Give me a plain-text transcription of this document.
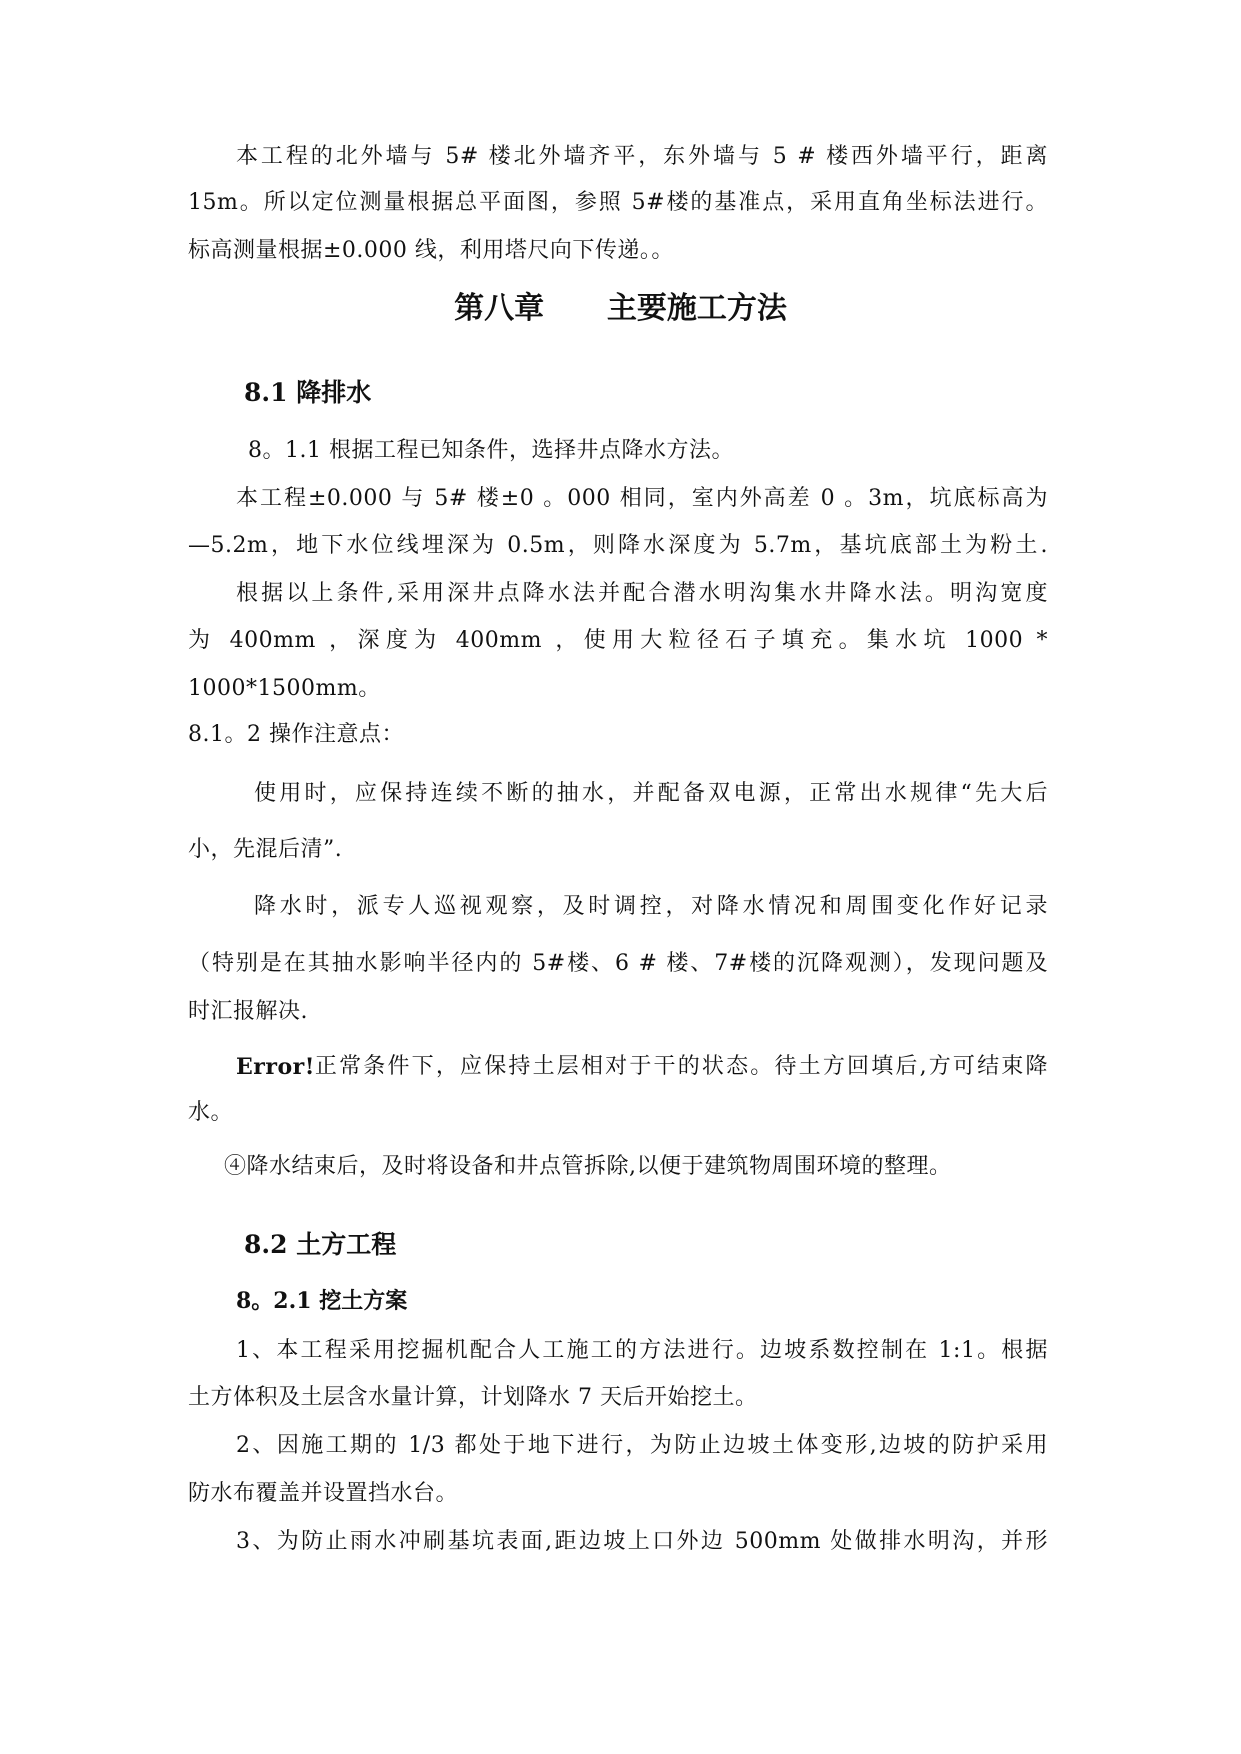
本工程的北外墙与 5# 楼北外墙齐平，东外墙与 5 # 楼西外墙平行，距离
15m。所以定位测量根据总平面图，参照 5#楼的基准点，采用直角坐标法进行。
标高测量根据±0.000 线，利用塔尺向下传递。。
第八章      主要施工方法
8.1 降排水
8。1.1 根据工程已知条件，选择井点降水方法。
本工程±0.000 与 5# 楼±0 。000 相同，室内外高差 0 。3m，坑底标高为
—5.2m，地下水位线埋深为 0.5m，则降水深度为 5.7m，基坑底部土为粉土.
根据以上条件,采用深井点降水法并配合潜水明沟集水井降水法。明沟宽度
为 400mm ，深度为 400mm ，使用大粒径石子填充。集水坑 1000 *
1000*1500mm。
8.1。2 操作注意点：
使用时，应保持连续不断的抽水，并配备双电源，正常出水规律“先大后
小，先混后清”.
降水时，派专人巡视观察，及时调控，对降水情况和周围变化作好记录
（特别是在其抽水影响半径内的 5#楼、6 # 楼、7#楼的沉降观测），发现问题及
时汇报解决.
Error! 正常条件下，应保持土层相对于干的状态。待土方回填后,方可结束降
水。
④降水结束后，及时将设备和井点管拆除,以便于建筑物周围环境的整理。
8.2 土方工程
8。2.1 挖土方案
1、本工程采用挖掘机配合人工施工的方法进行。边坡系数控制在 1:1。根据
土方体积及土层含水量计算，计划降水 7 天后开始挖土。
2、因施工期的 1/3 都处于地下进行，为防止边坡土体变形,边坡的防护采用
防水布覆盖并设置挡水台。
3、为防止雨水冲刷基坑表面,距边坡上口外边 500mm 处做排水明沟，并形
